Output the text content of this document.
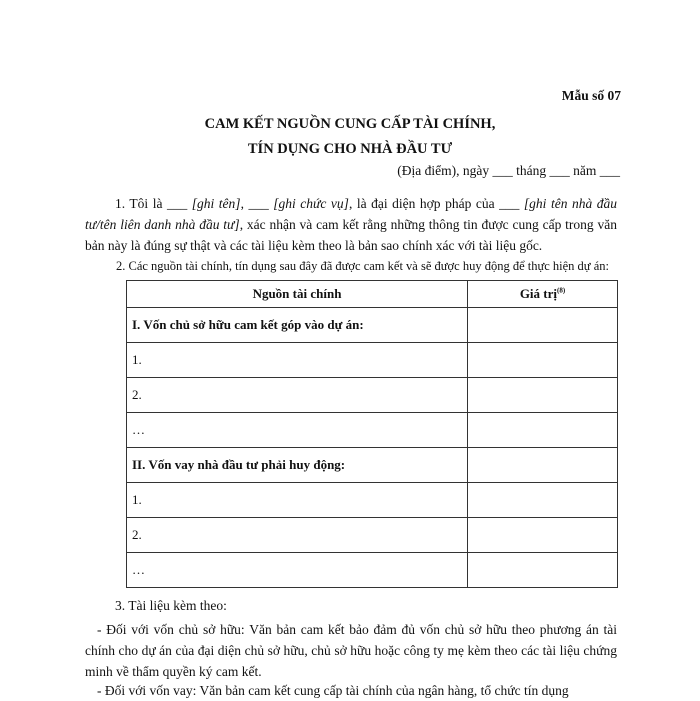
Mẫu số 07
CAM KẾT NGUỒN CUNG CẤP TÀI CHÍNH,
TÍN DỤNG CHO NHÀ ĐẦU TƯ
(Địa điểm), ngày ___ tháng ___ năm ___
1. Tôi là ___ [ghi tên], ___ [ghi chức vụ], là đại diện hợp pháp của ___ [ghi tên nhà đầu tư/tên liên danh nhà đầu tư], xác nhận và cam kết rằng những thông tin được cung cấp trong văn bản này là đúng sự thật và các tài liệu kèm theo là bản sao chính xác với tài liệu gốc.
2. Các nguồn tài chính, tín dụng sau đây đã được cam kết và sẽ được huy động để thực hiện dự án:
Nguồn tài chính	Giá trị$^{(8)}$
I. Vốn chủ sở hữu cam kết góp vào dự án:	
1.	
2.	
…	
II. Vốn vay nhà đầu tư phải huy động:	
1.	
2.	
…	
3. Tài liệu kèm theo:
- Đối với vốn chủ sở hữu: Văn bản cam kết bảo đảm đủ vốn chủ sở hữu theo phương án tài chính cho dự án của đại diện chủ sở hữu, chủ sở hữu hoặc công ty mẹ kèm theo các tài liệu chứng minh về thẩm quyền ký cam kết.
- Đối với vốn vay: Văn bản cam kết cung cấp tài chính của ngân hàng, tổ chức tín dụng
